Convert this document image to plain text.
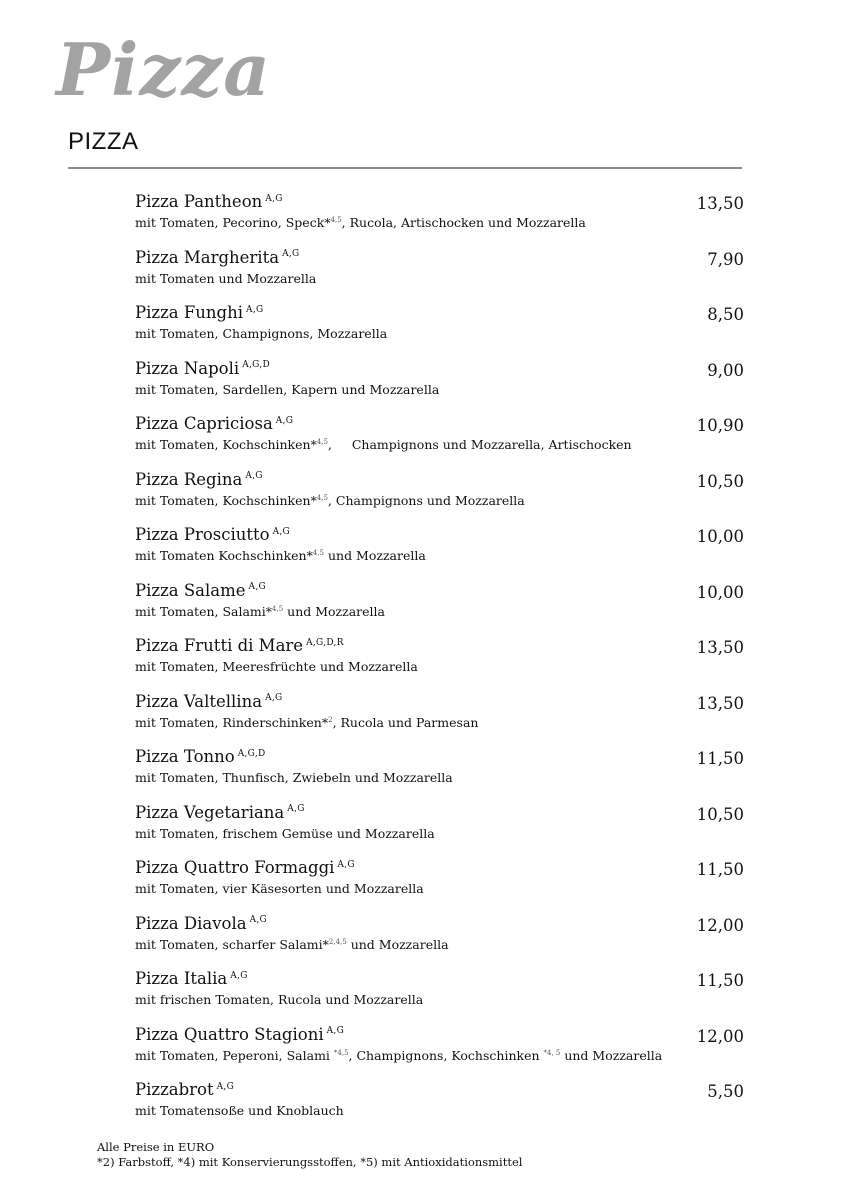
Pizza
PIZZA
Pizza Pantheon $^{A,G}$
mit Tomaten, Pecorino, Speck*$^{4,5}$, Rucola, Artischocken und Mozzarella
13,50
Pizza Margherita $^{A,G}$
mit Tomaten und Mozzarella
7,90
Pizza Funghi $^{A,G}$
mit Tomaten, Champignons, Mozzarella
8,50
Pizza Napoli $^{A,G,D}$
mit Tomaten, Sardellen, Kapern und Mozzarella
9,00
Pizza Capriciosa $^{A,G}$
mit Tomaten, Kochschinken*$^{4,5}$,     Champignons und Mozzarella, Artischocken
10,90
Pizza Regina $^{A,G}$
mit Tomaten, Kochschinken*$^{4,5}$, Champignons und Mozzarella
10,50
Pizza Prosciutto $^{A,G}$
mit Tomaten Kochschinken*$^{4,5}$ und Mozzarella
10,00
Pizza Salame $^{A,G}$
mit Tomaten, Salami*$^{4,5}$ und Mozzarella
10,00
Pizza Frutti di Mare $^{A,G,D,R}$
mit Tomaten, Meeresfrüchte und Mozzarella
13,50
Pizza Valtellina $^{A,G}$
mit Tomaten, Rinderschinken*$^2$, Rucola und Parmesan
13,50
Pizza Tonno $^{A,G,D}$
mit Tomaten, Thunfisch, Zwiebeln und Mozzarella
11,50
Pizza Vegetariana $^{A,G}$
mit Tomaten, frischem Gemüse und Mozzarella
10,50
Pizza Quattro Formaggi $^{A,G}$
mit Tomaten, vier Käsesorten und Mozzarella
11,50
Pizza Diavola $^{A,G}$
mit Tomaten, scharfer Salami*$^{2,4,5}$ und Mozzarella
12,00
Pizza Italia $^{A,G}$
mit frischen Tomaten, Rucola und Mozzarella
11,50
Pizza Quattro Stagioni $^{A,G}$
mit Tomaten, Peperoni, Salami $^{*4,5}$, Champignons, Kochschinken $^{*4, 5}$ und Mozzarella
12,00
Pizzabrot $^{A,G}$
mit Tomatensoße und Knoblauch
5,50
Alle Preise in EURO
*2) Farbstoff, *4) mit Konservierungsstoffen, *5) mit Antioxidationsmittel
